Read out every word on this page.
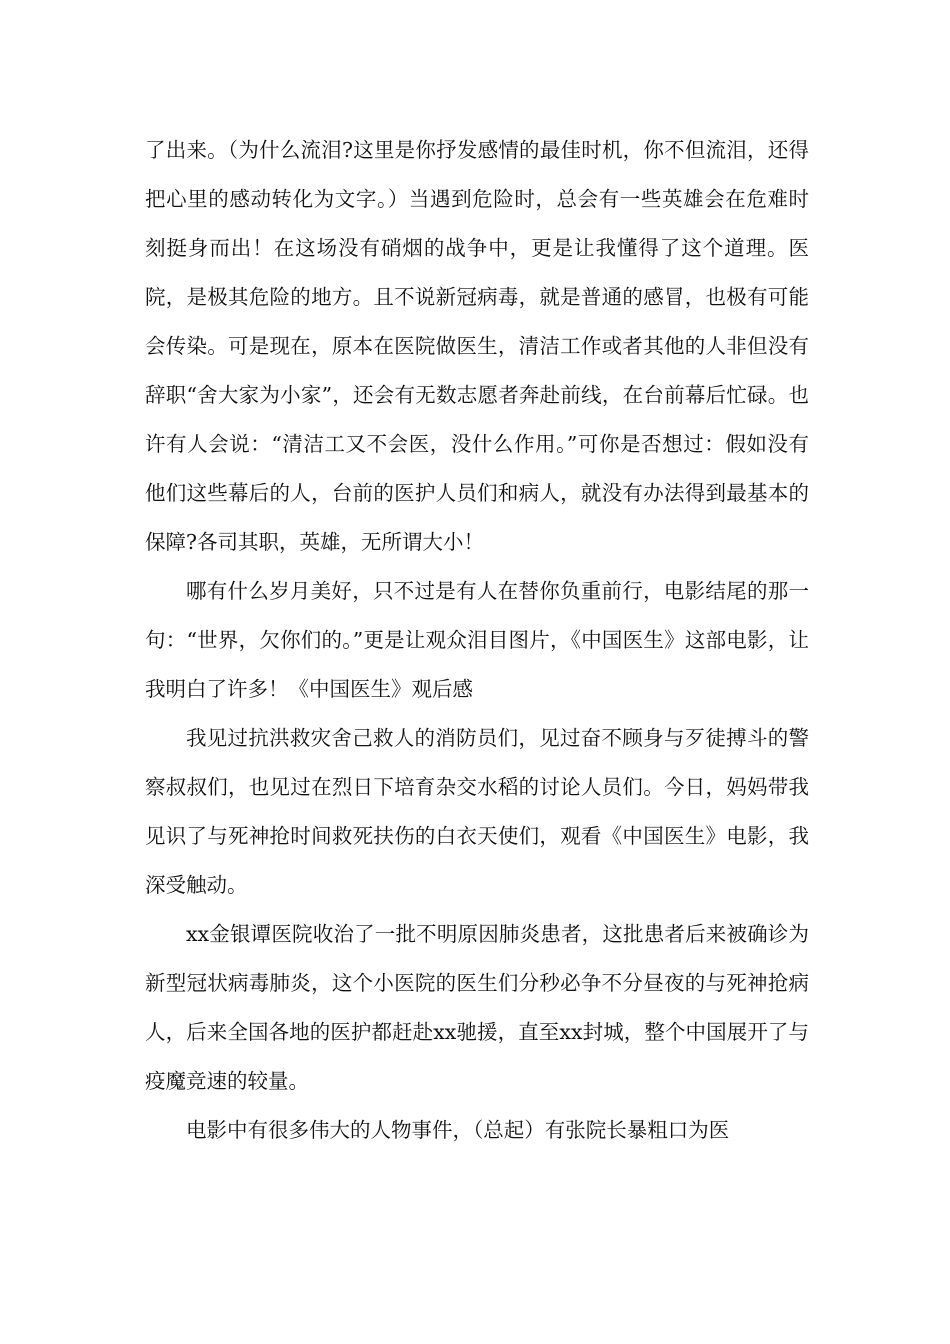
了出来。（为什么流泪?这里是你抒发感情的最佳时机，你不但流泪，还得把心里的感动转化为文字。）当遇到危险时，总会有一些英雄会在危难时刻挺身而出！在这场没有硝烟的战争中，更是让我懂得了这个道理。医院，是极其危险的地方。且不说新冠病毒，就是普通的感冒，也极有可能会传染。可是现在，原本在医院做医生，清洁工作或者其他的人非但没有辞职“舍大家为小家”，还会有无数志愿者奔赴前线，在台前幕后忙碌。也许有人会说：“清洁工又不会医，没什么作用。”可你是否想过：假如没有他们这些幕后的人，台前的医护人员们和病人，就没有办法得到最基本的保障?各司其职，英雄，无所谓大小！

哪有什么岁月美好，只不过是有人在替你负重前行，电影结尾的那一句：“世界，欠你们的。”更是让观众泪目图片，《中国医生》这部电影，让我明白了许多！《中国医生》观后感

我见过抗洪救灾舍己救人的消防员们，见过奋不顾身与歹徒搏斗的警察叔叔们，也见过在烈日下培育杂交水稻的讨论人员们。今日，妈妈带我见识了与死神抢时间救死扶伤的白衣天使们，观看《中国医生》电影，我深受触动。

xx金银谭医院收治了一批不明原因肺炎患者，这批患者后来被确诊为新型冠状病毒肺炎，这个小医院的医生们分秒必争不分昼夜的与死神抢病人，后来全国各地的医护都赶赴xx驰援，直至xx封城，整个中国展开了与疫魔竞速的较量。

电影中有很多伟大的人物事件，（总起）有张院长暴粗口为医
